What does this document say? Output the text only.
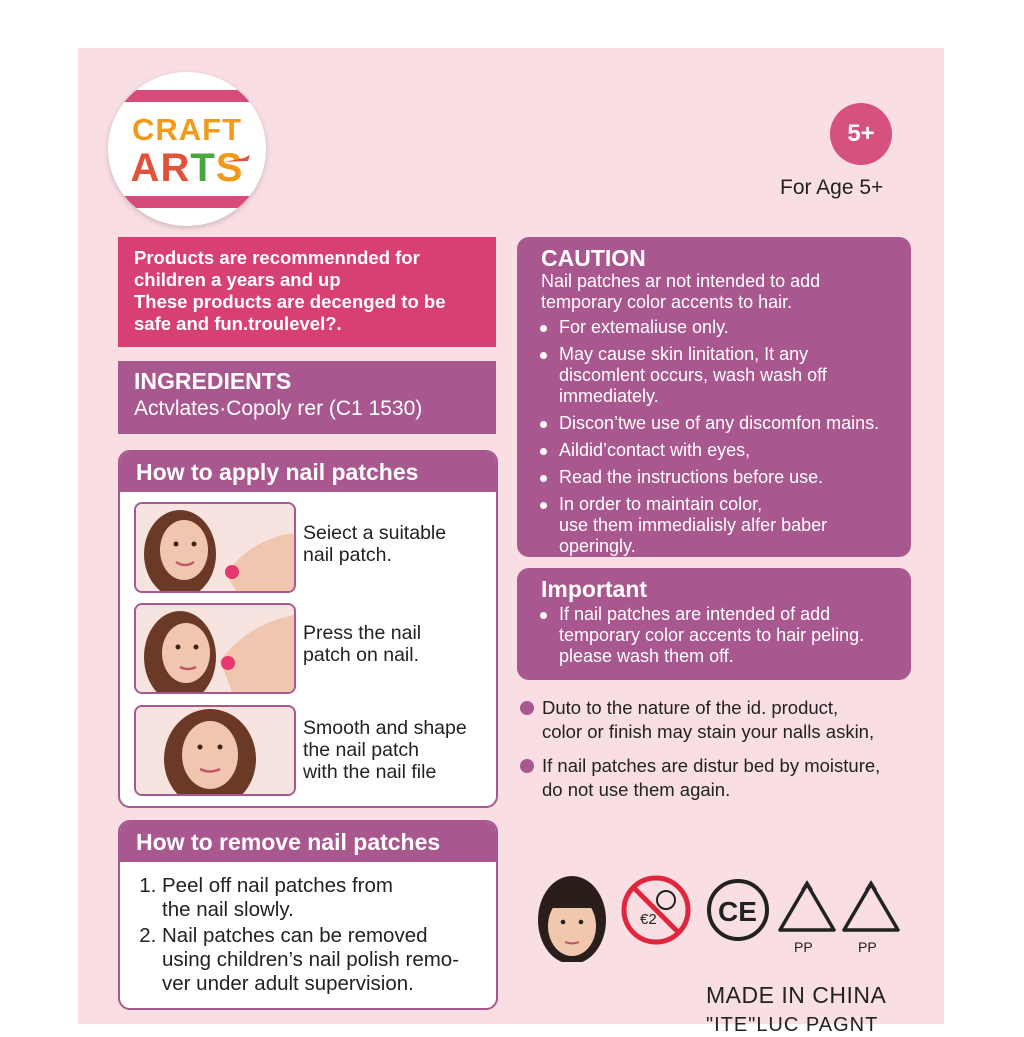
CRAFT
ARTS
5+
For Age 5+
Products are recommennded for
children a years and up
These products are decenged to be
safe and fun.troulevel?.
INGREDIENTS
Actvlates·Copoly rer (C1 1530)
How to apply nail patches
Seiect a suitable
nail patch.
Press the nail
patch on nail.
Smooth and shape
the nail patch
with the nail file
How to remove nail patches
1. Peel off nail patches from
the nail slowly.
2. Nail patches can be removed
using children’s nail polish remo-
ver under adult supervision.
CAUTION
Nail patches ar not intended to add
temporary color accents to hair.
For extemaliuse only.
May cause skin linitation, It any
discomlent occurs, wash wash off
immediately.
Discon’twe use of any discomfon mains.
Aildid’contact with eyes,
Read the instructions before use.
In order to maintain color,
use them immedialisly alfer baber operingly.
Important
If nail patches are intended of add
temporary color accents to hair peling.
please wash them off.
Duto to the nature of the id. product,
color or finish may stain your nalls askin,
If nail patches are distur bed by moisture,
do not use them again.
€2 CE
PP	PP
MADE IN CHINA
"ITE"LUC PAGNT
